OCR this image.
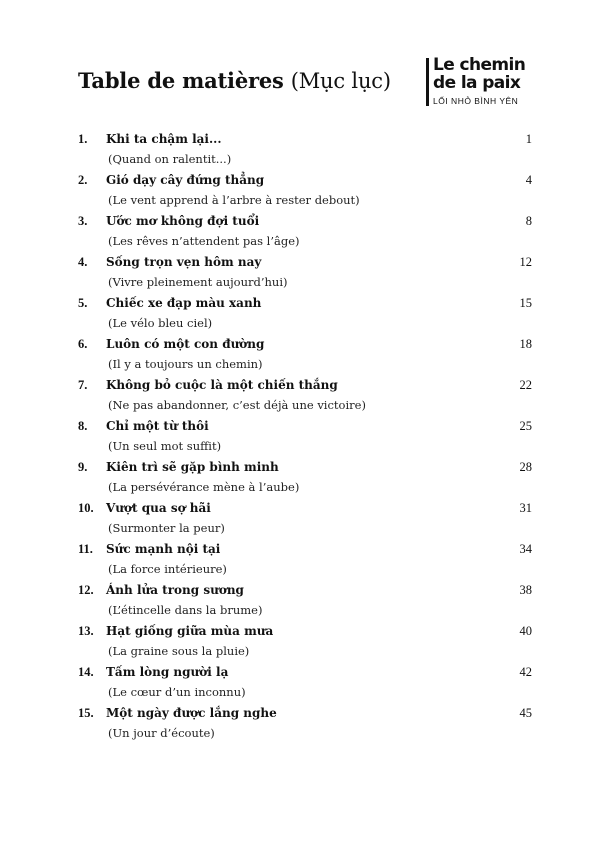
Table de matières (Mục lục)
Le chemin
de la paix
LỐI NHỎ BÌNH YÊN
1. Khi ta chậm lại...	1
(Quand on ralentit...)
2. Gió dạy cây đứng thẳng	4
(Le vent apprend à l’arbre à rester debout)
3. Ước mơ không đợi tuổi	8
(Les rêves n’attendent pas l’âge)
4. Sống trọn vẹn hôm nay	12
(Vivre pleinement aujourd’hui)
5. Chiếc xe đạp màu xanh	15
(Le vélo bleu ciel)
6. Luôn có một con đường	18
(Il y a toujours un chemin)
7. Không bỏ cuộc là một chiến thắng	22
(Ne pas abandonner, c’est déjà une victoire)
8. Chỉ một từ thôi	25
(Un seul mot suffit)
9. Kiên trì sẽ gặp bình minh	28
(La persévérance mène à l’aube)
10. Vượt qua sợ hãi	31
(Surmonter la peur)
11. Sức mạnh nội tại	34
(La force intérieure)
12. Ánh lửa trong sương	38
(L’étincelle dans la brume)
13. Hạt giống giữa mùa mưa	40
(La graine sous la pluie)
14. Tấm lòng người lạ	42
(Le cœur d’un inconnu)
15. Một ngày được lắng nghe	45
(Un jour d’écoute)
